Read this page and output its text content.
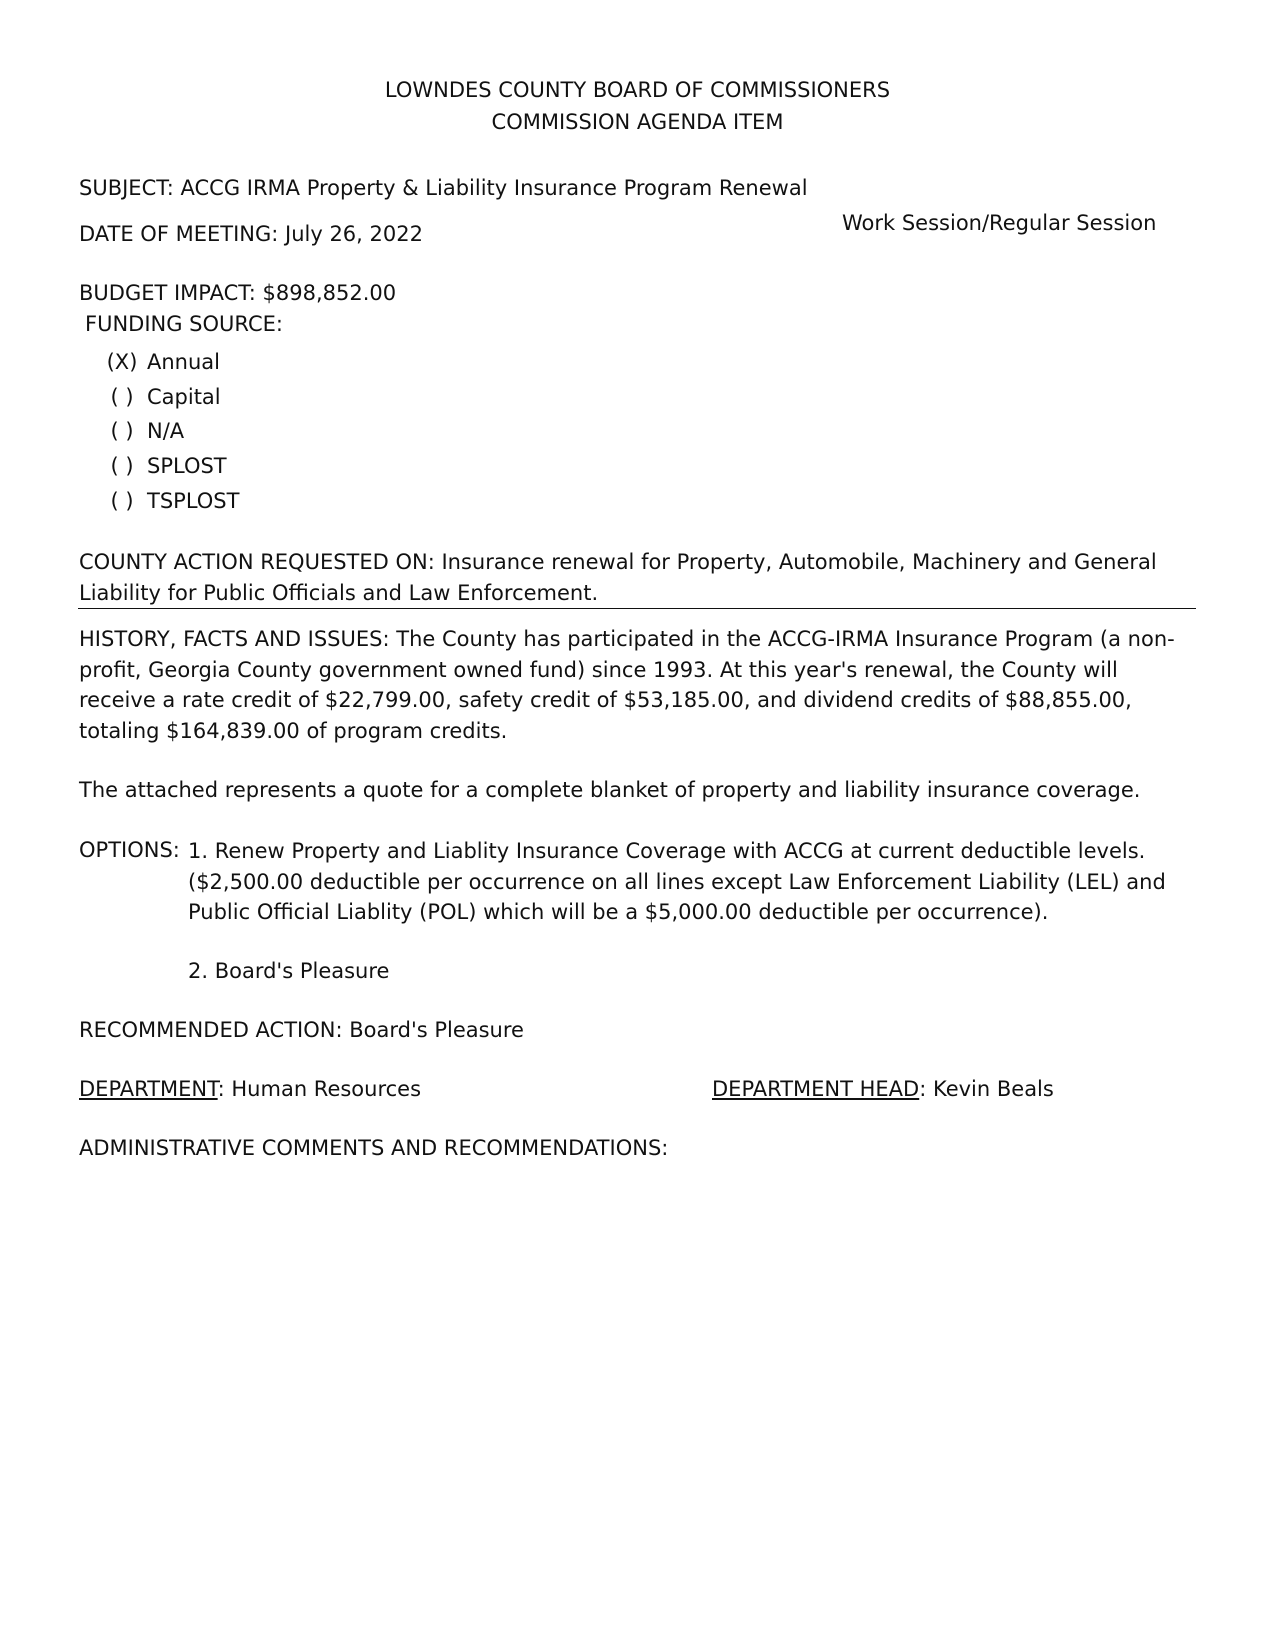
LOWNDES COUNTY BOARD OF COMMISSIONERS
COMMISSION AGENDA ITEM
SUBJECT: ACCG IRMA Property & Liability Insurance Program Renewal
DATE OF MEETING: July 26, 2022	Work Session/Regular Session
BUDGET IMPACT: $898,852.00
FUNDING SOURCE:
(X) Annual
( ) Capital
( ) N/A
( ) SPLOST
( ) TSPLOST
COUNTY ACTION REQUESTED ON: Insurance renewal for Property, Automobile, Machinery and General Liability for Public Officials and Law Enforcement.
HISTORY, FACTS AND ISSUES: The County has participated in the ACCG-IRMA Insurance Program (a non-profit, Georgia County government owned fund) since 1993. At this year's renewal, the County will receive a rate credit of $22,799.00, safety credit of $53,185.00, and dividend credits of $88,855.00, totaling $164,839.00 of program credits.
The attached represents a quote for a complete blanket of property and liability insurance coverage.
OPTIONS: 1. Renew Property and Liablity Insurance Coverage with ACCG at current deductible levels. ($2,500.00 deductible per occurrence on all lines except Law Enforcement Liability (LEL) and Public Official Liablity (POL) which will be a $5,000.00 deductible per occurrence).
2. Board's Pleasure
RECOMMENDED ACTION: Board's Pleasure
DEPARTMENT: Human Resources	DEPARTMENT HEAD: Kevin Beals
ADMINISTRATIVE COMMENTS AND RECOMMENDATIONS:
